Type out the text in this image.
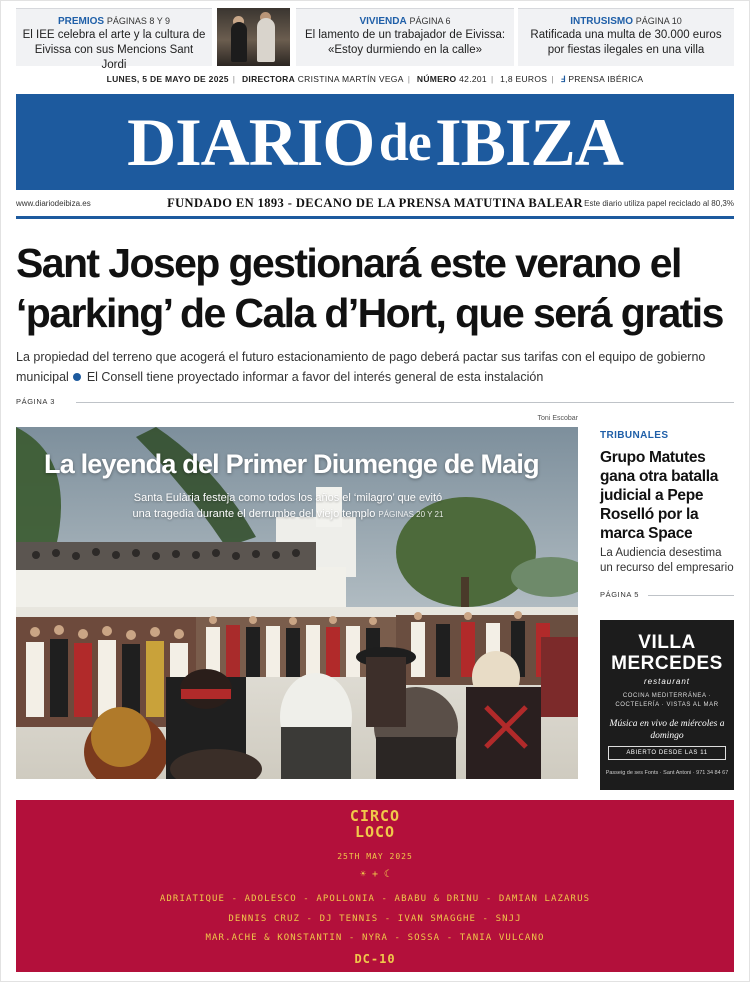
PREMIOS PÁGINAS 8 Y 9
El IEE celebra el arte y la cultura de Eivissa con sus Mencions Sant Jordi
VIVIENDA PÁGINA 6
El lamento de un trabajador de Eivissa: «Estoy durmiendo en la calle»
INTRUSISMO PÁGINA 10
Ratificada una multa de 30.000 euros por fiestas ilegales en una villa
LUNES, 5 DE MAYO DE 2025 | DIRECTORA CRISTINA MARTÍN VEGA | NÚMERO 42.201 | 1,8 EUROS | Ⅎ PRENSA IBÉRICA
DIARIO
de
IBIZA
www.diariodeibiza.es	FUNDADO EN 1893 - DECANO DE LA PRENSA MATUTINA BALEAR Este diario utiliza papel reciclado al 80,3%
Sant Josep gestionará este verano el ‘parking’ de Cala d’Hort, que será gratis
La propiedad del terreno que acogerá el futuro estacionamiento de pago deberá pactar sus tarifas con el equipo de gobierno municipal El Consell tiene proyectado informar a favor del interés general de esta instalación
PÁGINA 3
Toni Escobar
La leyenda del Primer Diumenge de Maig
Santa Eulària festeja como todos los años el ‘milagro’ que evitó una tragedia durante el derrumbe del viejo templo PÁGINAS 20 Y 21
TRIBUNALES
Grupo Matutes gana otra batalla judicial a Pepe Roselló por la marca Space
La Audiencia desestima un recurso del empresario
PÁGINA 5
VILLA
MERCEDES
restaurant
COCINA MEDITERRÁNEA · COCTELERÍA · VISTAS AL MAR
Música en vivo de miércoles a domingo
ABIERTO DESDE LAS 11
Passeig de ses Fonts · Sant Antoni · 971 34 84 67
CIRCO
LOCO
25TH MAY 2025
☀ + ☾
ADRIATIQUE - ADOLESCO - APOLLONIA - ABABU & DRINU - DAMIAN LAZARUS
DENNIS CRUZ - DJ TENNIS - IVAN SMAGGHE - SNJJ
MAR.ACHE & KONSTANTIN - NYRA - SOSSA - TANIA VULCANO
DC-10
